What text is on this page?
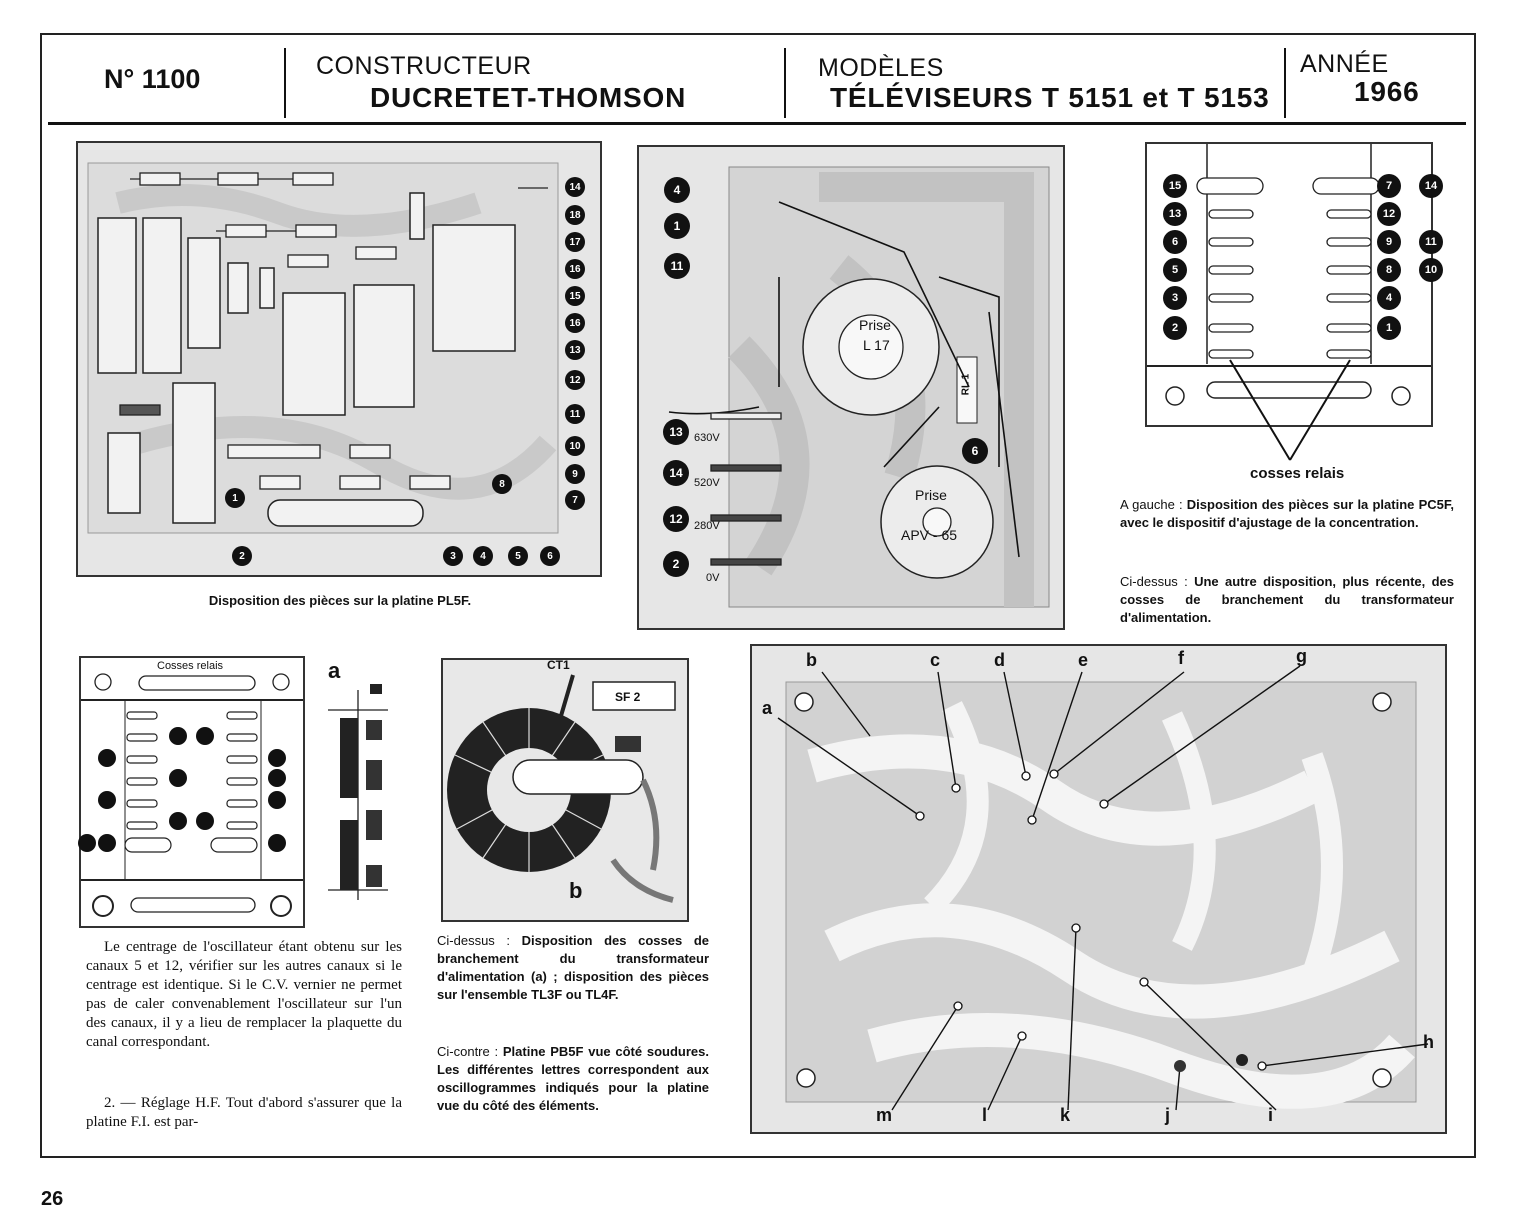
N° 1100	CONSTRUCTEUR
DUCRETET-THOMSON
MODÈLES
TÉLÉVISEURS T 5151 et T 5153
ANNÉE
1966
Disposition des pièces sur la platine PL5F.
14
18
17
16
15
16
13
12
11
10
9
7
8
1
2	3	4	5	6
Prise
L 17
Prise
APV - 65
RL 1
4
1
11
13
14
12
2
630V
520V
280V
0V
6
cosses relais
15
13
6
5
3
2
7
12
9
8
4
1
14
11
10
A gauche : Disposition des pièces sur la platine PC5F, avec le dispositif d'ajustage de la concentration.
Ci-dessus : Une autre disposition, plus récente, des cosses de branchement du transformateur d'alimentation.
Cosses relais	a	CT1
SF 2
b
Ci-dessus : Disposition des cosses de branchement du transformateur d'alimentation (a) ; disposition des pièces sur l'ensemble TL3F ou TL4F.
Ci-contre : Platine PB5F vue côté soudures. Les différentes lettres correspondent aux oscillogrammes indiqués pour la platine vue du côté des éléments.
a
b	c	d	e	f	g
h
i
j
k
l
m
Le centrage de l'oscillateur étant obtenu sur les canaux 5 et 12, vérifier sur les autres canaux si le centrage est identique. Si le C.V. vernier ne permet pas de caler convenablement l'oscillateur sur l'un des canaux, il y a lieu de remplacer la plaquette du canal correspondant.
2. — Réglage H.F. Tout d'abord s'assurer que la platine F.I. est par-
26
